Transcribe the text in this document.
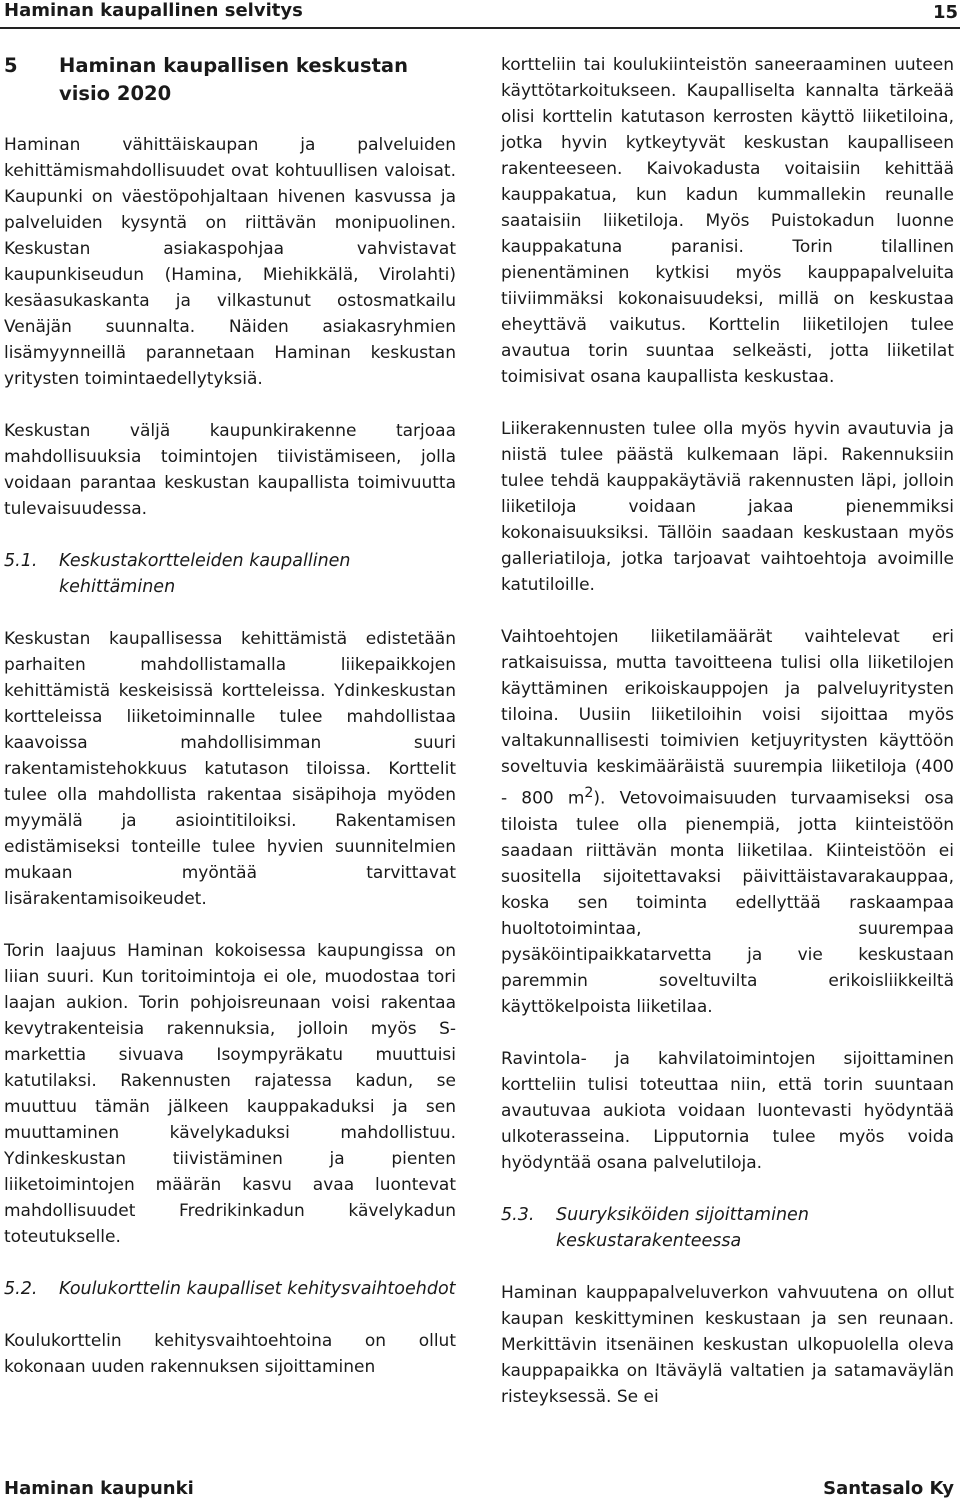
Haminan kaupallinen selvitys	15
5	Haminan kaupallisen keskustan visio 2020

Haminan vähittäiskaupan ja palveluiden kehittämismahdollisuudet ovat kohtuullisen valoisat. Kaupunki on väestöpohjaltaan hivenen kasvussa ja palveluiden kysyntä on riittävän monipuolinen. Keskustan asiakaspohjaa vahvistavat kaupunkiseudun (Hamina, Miehikkälä, Virolahti) kesäasukaskanta ja vilkastunut ostosmatkailu Venäjän suunnalta. Näiden asiakasryhmien lisämyynneillä parannetaan Haminan keskustan yritysten toimintaedellytyksiä.

Keskustan väljä kaupunkirakenne tarjoaa mahdollisuuksia toimintojen tiivistämiseen, jolla voidaan parantaa keskustan kaupallista toimivuutta tulevaisuudessa.

5.1.	Keskustakortteleiden kaupallinen kehittäminen

Keskustan kaupallisessa kehittämistä edistetään parhaiten mahdollistamalla liikepaikkojen kehittämistä keskeisissä kortteleissa. Ydinkeskustan kortteleissa liiketoiminnalle tulee mahdollistaa kaavoissa mahdollisimman suuri rakentamistehokkuus katutason tiloissa. Korttelit tulee olla mahdollista rakentaa sisäpihoja myöden myymälä ja asiointitiloiksi. Rakentamisen edistämiseksi tonteille tulee hyvien suunnitelmien mukaan myöntää tarvittavat lisärakentamisoikeudet.

Torin laajuus Haminan kokoisessa kaupungissa on liian suuri. Kun toritoimintoja ei ole, muodostaa tori laajan aukion. Torin pohjoisreunaan voisi rakentaa kevytrakenteisia rakennuksia, jolloin myös S-markettia sivuava Isoympyräkatu muuttuisi katutilaksi. Rakennusten rajatessa kadun, se muuttuu tämän jälkeen kauppakaduksi ja sen muuttaminen kävelykaduksi mahdollistuu. Ydinkeskustan tiivistäminen ja pienten liiketoimintojen määrän kasvu avaa luontevat mahdollisuudet Fredrikinkadun kävelykadun toteutukselle.

5.2.	Koulukorttelin kaupalliset kehitysvaihtoehdot

Koulukorttelin kehitysvaihtoehtoina on ollut kokonaan uuden rakennuksen sijoittaminen

kortteliin tai koulukiinteistön saneeraaminen uuteen käyttötarkoitukseen. Kaupalliselta kannalta tärkeää olisi korttelin katutason kerrosten käyttö liiketiloina, jotka hyvin kytkeytyvät keskustan kaupalliseen rakenteeseen. Kaivokadusta voitaisiin kehittää kauppakatua, kun kadun kummallekin reunalle saataisiin liiketiloja. Myös Puistokadun luonne kauppakatuna paranisi. Torin tilallinen pienentäminen kytkisi myös kauppapalveluita tiiviimmäksi kokonaisuudeksi, millä on keskustaa eheyttävä vaikutus. Korttelin liiketilojen tulee avautua torin suuntaa selkeästi, jotta liiketilat toimisivat osana kaupallista keskustaa.

Liikerakennusten tulee olla myös hyvin avautuvia ja niistä tulee päästä kulkemaan läpi. Rakennuksiin tulee tehdä kauppakäytäviä rakennusten läpi, jolloin liiketiloja voidaan jakaa pienemmiksi kokonaisuuksiksi. Tällöin saadaan keskustaan myös galleriatiloja, jotka tarjoavat vaihtoehtoja avoimille katutiloille.

Vaihtoehtojen liiketilamäärät vaihtelevat eri ratkaisuissa, mutta tavoitteena tulisi olla liiketilojen käyttäminen erikoiskauppojen ja palveluyritysten tiloina. Uusiin liiketiloihin voisi sijoittaa myös valtakunnallisesti toimivien ketjuyritysten käyttöön soveltuvia keskimääräistä suurempia liiketiloja (400 - 800 $m^2$). Vetovoimaisuuden turvaamiseksi osa tiloista tulee olla pienempiä, jotta kiinteistöön saadaan riittävän monta liiketilaa. Kiinteistöön ei suositella sijoitettavaksi päivittäistavarakauppaa, koska sen toiminta edellyttää raskaampaa huoltotoimintaa, suurempaa pysäköintipaikkatarvetta ja vie keskustaan paremmin soveltuvilta erikoisliikkeiltä käyttökelpoista liiketilaa.

Ravintola- ja kahvilatoimintojen sijoittaminen kortteliin tulisi toteuttaa niin, että torin suuntaan avautuvaa aukiota voidaan luontevasti hyödyntää ulkoterasseina. Lipputornia tulee myös voida hyödyntää osana palvelutiloja.

5.3.	Suuryksiköiden sijoittaminen keskustarakenteessa

Haminan kauppapalveluverkon vahvuutena on ollut kaupan keskittyminen keskustaan ja sen reunaan. Merkittävin itsenäinen keskustan ulkopuolella oleva kauppapaikka on Itäväylä valtatien ja satamaväylän risteyksessä. Se ei

Haminan kaupunki	Santasalo Ky
